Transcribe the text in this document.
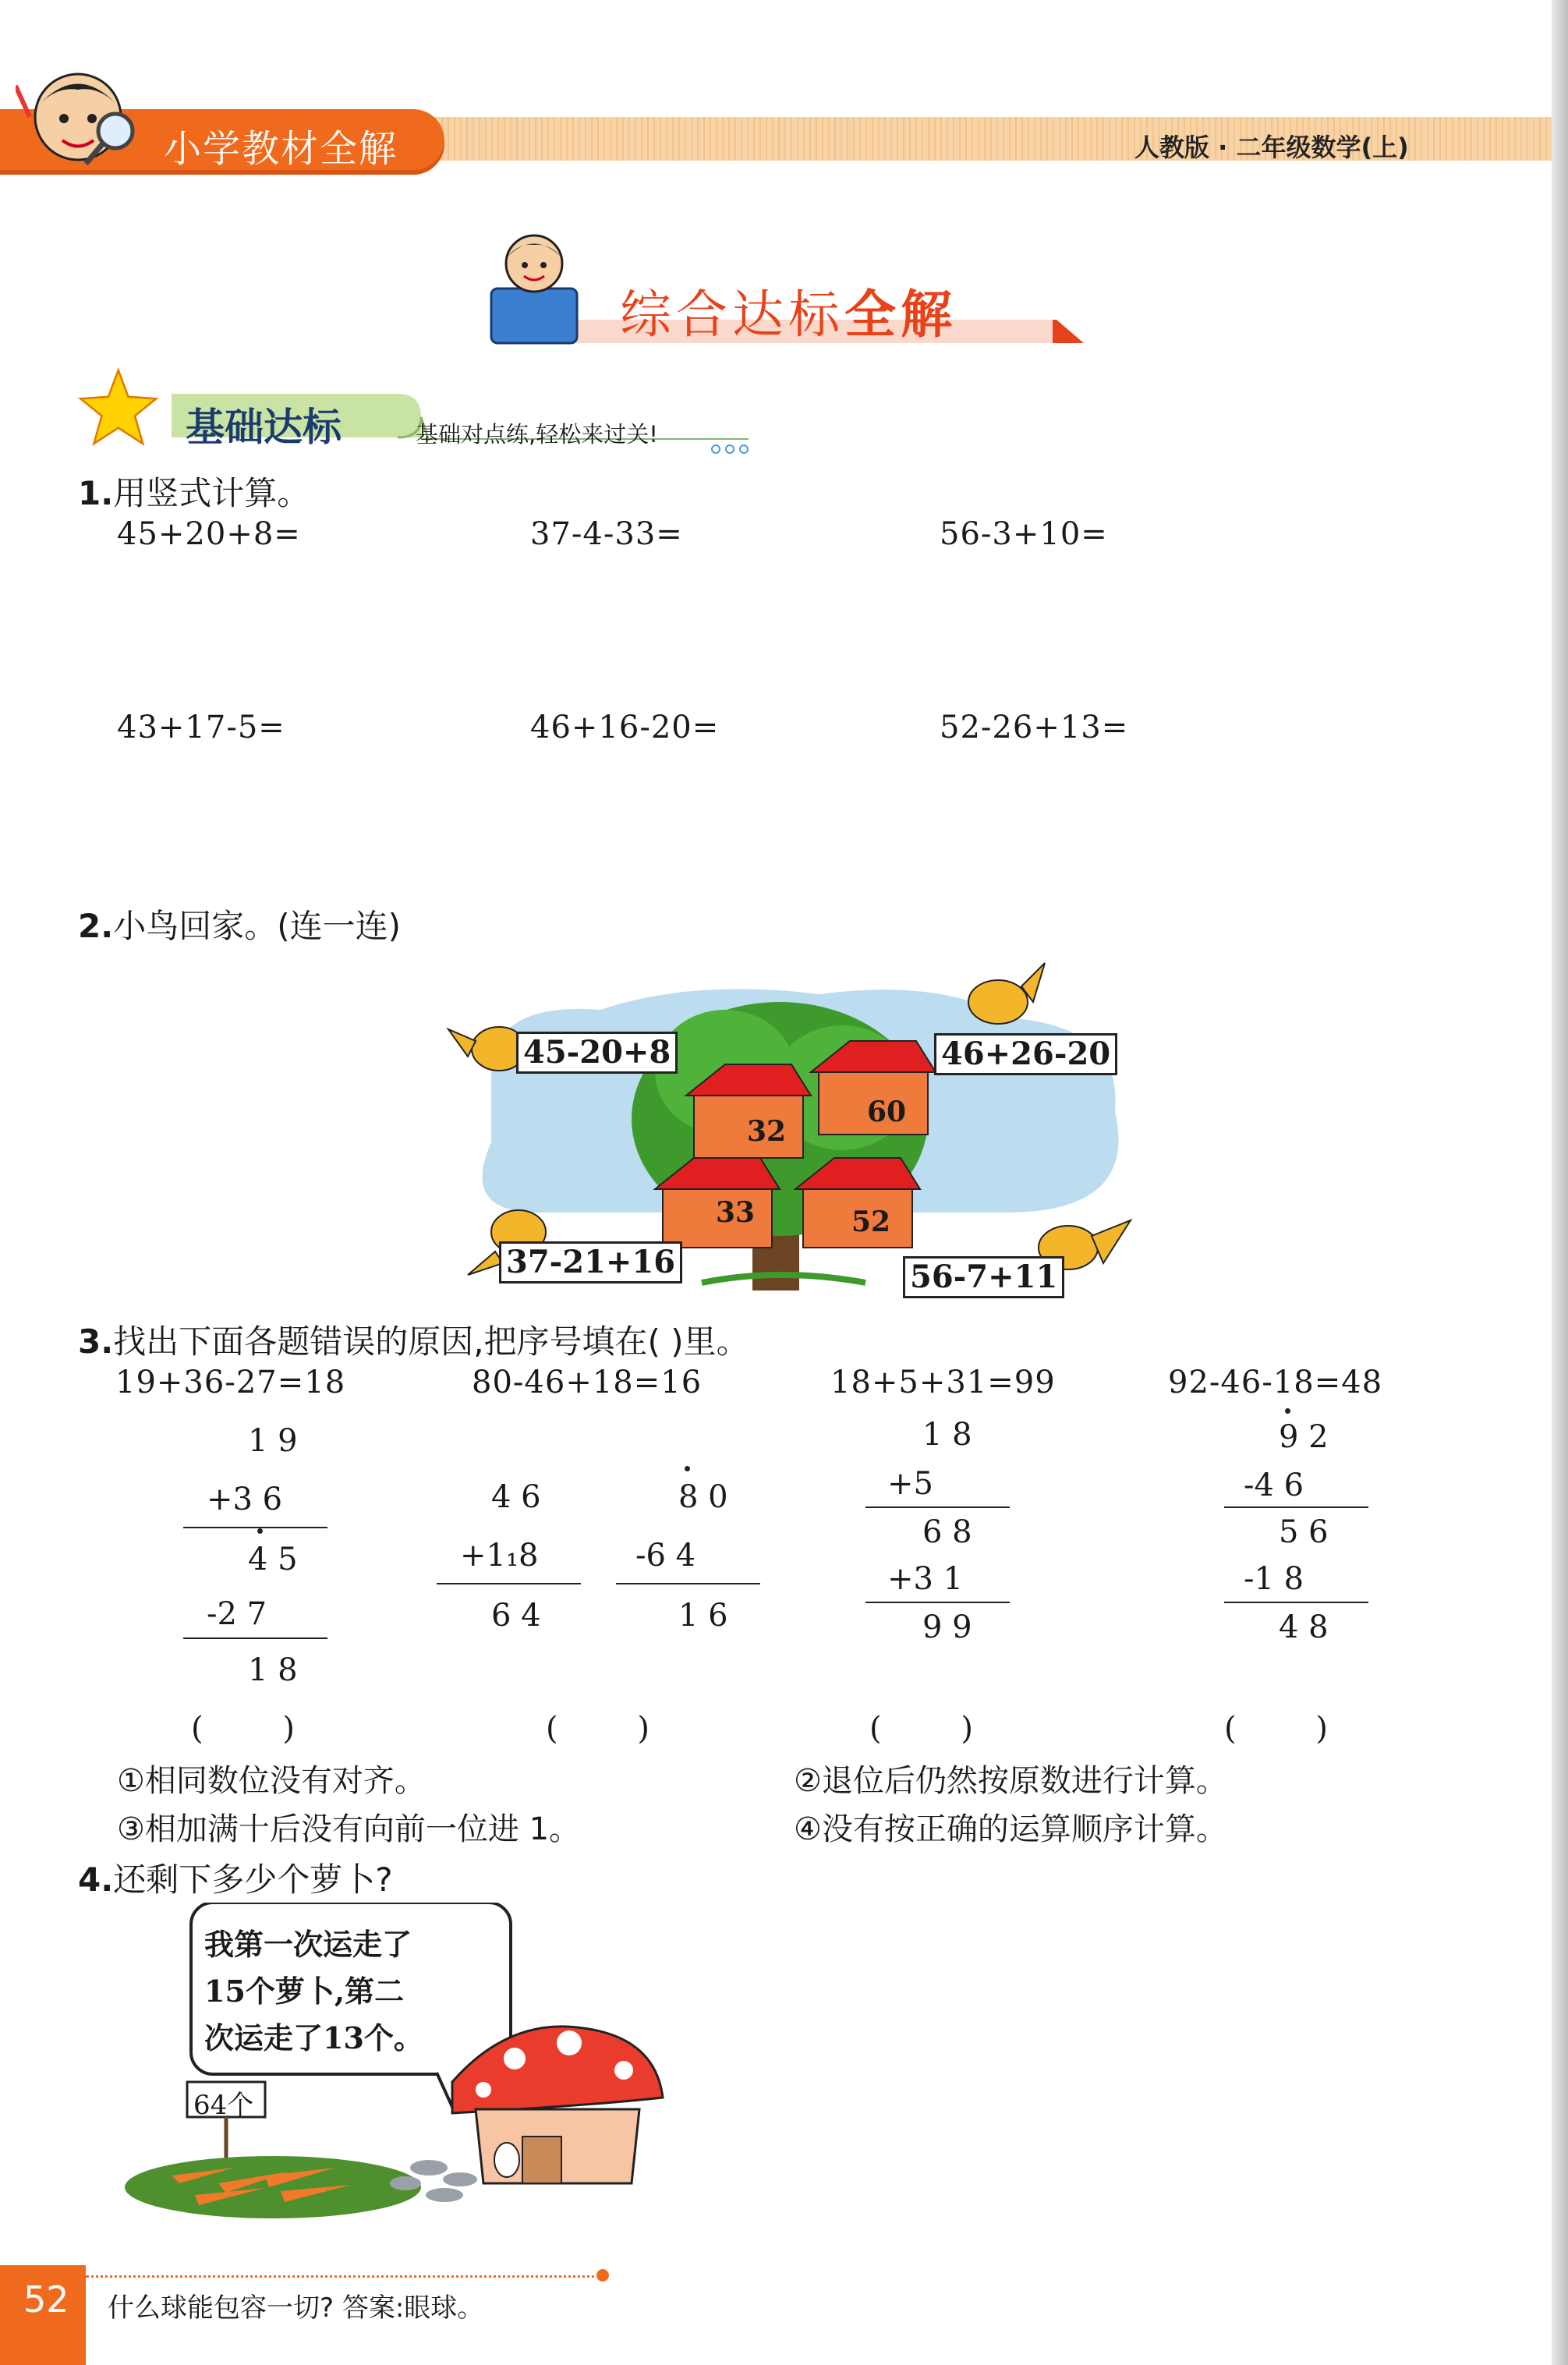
小学教材全解	人教版 · 二年级数学(上)
综合达标全解
基础达标	基础对点练,轻松来过关!
1.用竖式计算。
45+20+8=	37-4-33=	56-3+10=
43+17-5=	46+16-20=	52-26+13=
2.小鸟回家。(连一连)
45-20+8	46+26-20
37-21+16	56-7+11
32
60
33	52
3.找出下面各题错误的原因,把序号填在( )里。
19+36-27=18	80-46+18=16	18+5+31=99	92-46-18=48
1 9
+3 6
4 5
-2 7
1 8
4 6
+1₁8
6 4
8 0
-6 4
1 6
1 8
+5
6 8
+3 1
9 9
9 2
-4 6
5 6
-1 8
4 8
(        )	(        )	(        )	(        )
①相同数位没有对齐。	②退位后仍然按原数进行计算。
③相加满十后没有向前一位进 1。	④没有按正确的运算顺序计算。
4.还剩下多少个萝卜?
我第一次运走了
15个萝卜,第二
次运走了13个。
64个
52 什么球能包容一切? 答案:眼球。
